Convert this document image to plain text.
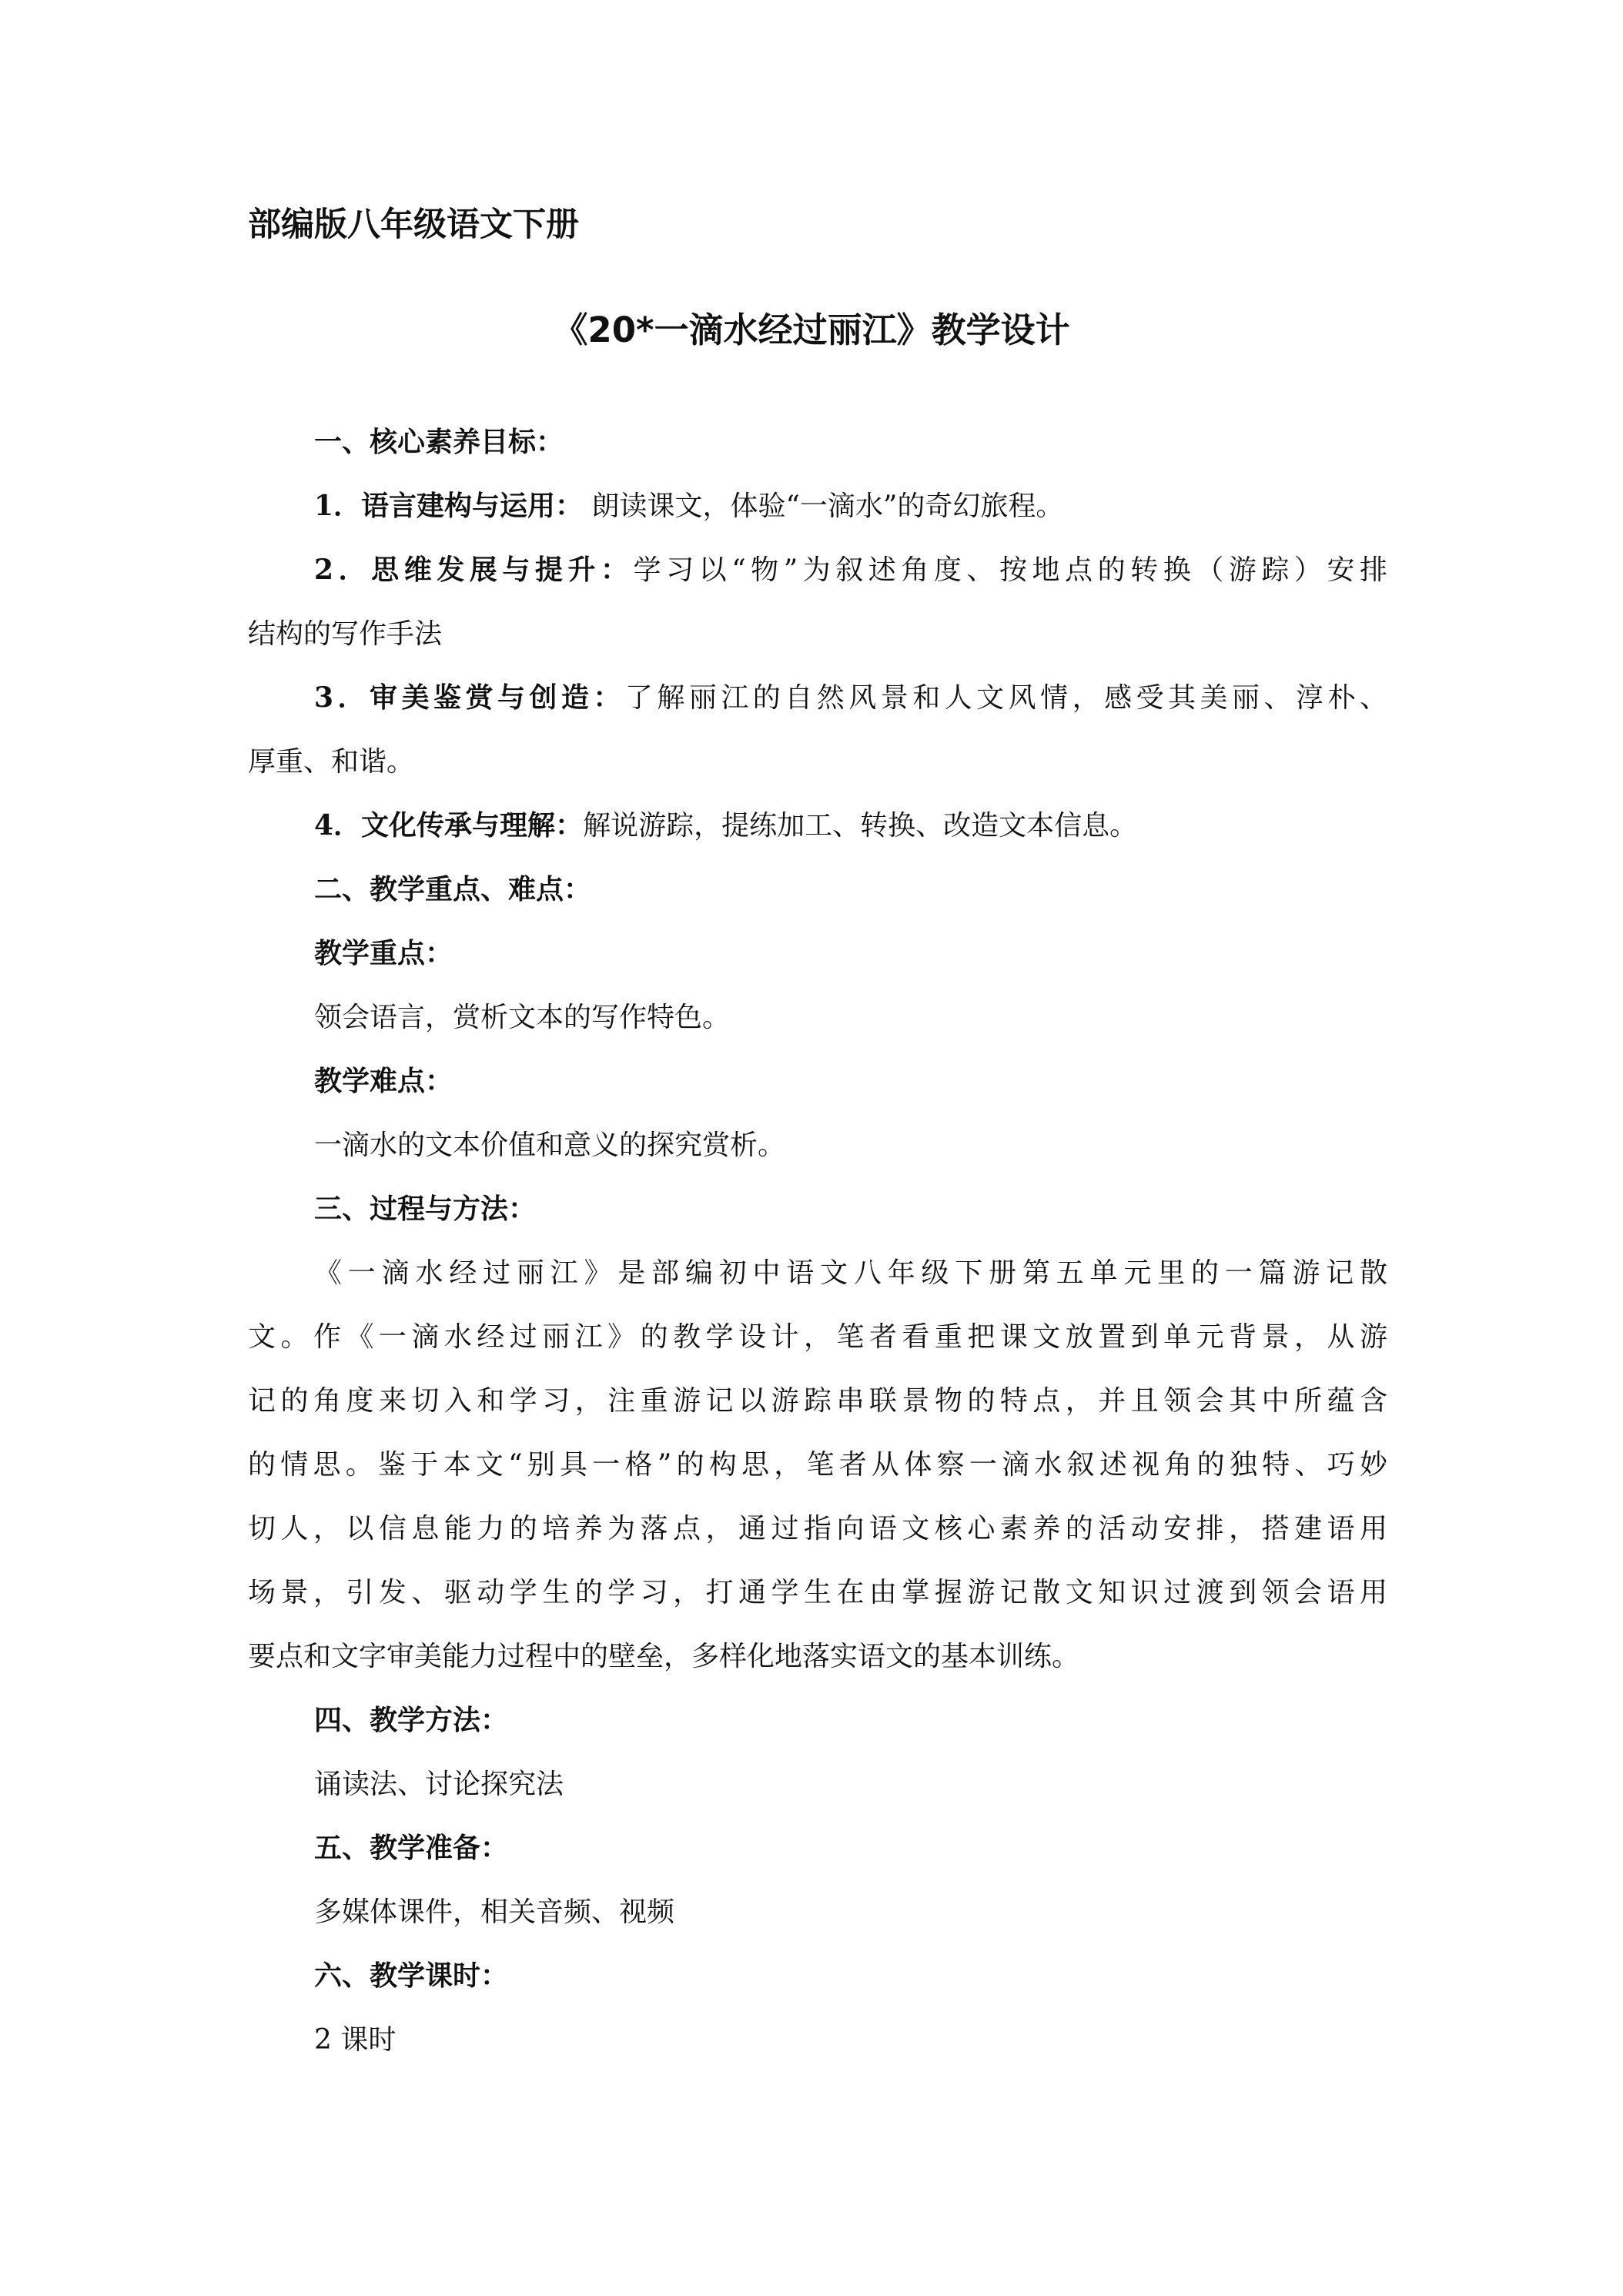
部编版八年级语文下册
《20*一滴水经过丽江》教学设计
一、核心素养目标：
1．语言建构与运用： 朗读课文，体验“一滴水”的奇幻旅程。
2．思维发展与提升：学习以“物”为叙述角度、按地点的转换（游踪）安排
结构的写作手法
3．审美鉴赏与创造：了解丽江的自然风景和人文风情，感受其美丽、淳朴、
厚重、和谐。
4．文化传承与理解：解说游踪，提练加工、转换、改造文本信息。
二、教学重点、难点：
教学重点：
领会语言，赏析文本的写作特色。
教学难点：
一滴水的文本价值和意义的探究赏析。
三、过程与方法：
《一滴水经过丽江》是部编初中语文八年级下册第五单元里的一篇游记散
文。作《一滴水经过丽江》的教学设计，笔者看重把课文放置到单元背景，从游
记的角度来切入和学习，注重游记以游踪串联景物的特点，并且领会其中所蕴含
的情思。鉴于本文“别具一格”的构思，笔者从体察一滴水叙述视角的独特、巧妙
切人，以信息能力的培养为落点，通过指向语文核心素养的活动安排，搭建语用
场景，引发、驱动学生的学习，打通学生在由掌握游记散文知识过渡到领会语用
要点和文字审美能力过程中的壁垒，多样化地落实语文的基本训练。
四、教学方法：
诵读法、讨论探究法
五、教学准备：
多媒体课件，相关音频、视频
六、教学课时：
2 课时
